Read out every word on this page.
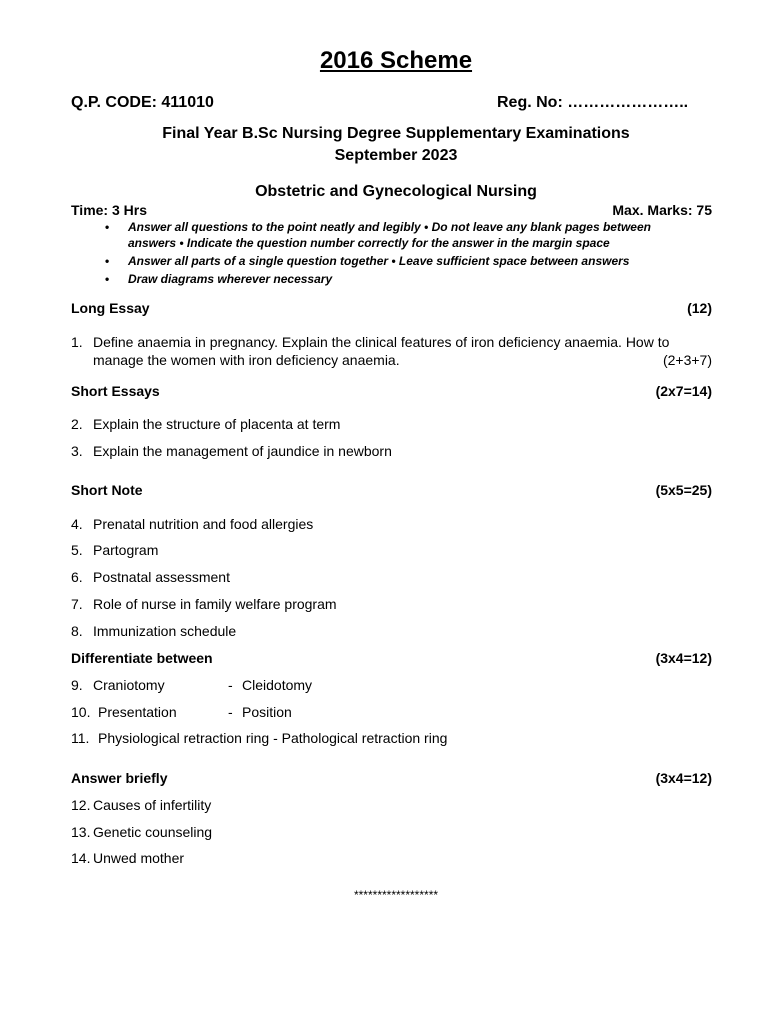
2016 Scheme
Q.P. CODE: 411010	Reg. No: …………………..
Final Year B.Sc Nursing Degree Supplementary Examinations
September 2023
Obstetric and Gynecological Nursing
Time: 3 Hrs	Max. Marks: 75
• Answer all questions to the point neatly and legibly • Do not leave any blank pages between
answers • Indicate the question number correctly for the answer in the margin space
• Answer all parts of a single question together • Leave sufficient space between answers
• Draw diagrams wherever necessary
Long Essay	(12)
1. Define anaemia in pregnancy. Explain the clinical features of iron deficiency anaemia. How to
manage the women with iron deficiency anaemia.	(2+3+7)
Short Essays	(2x7=14)
2. Explain the structure of placenta at term
3. Explain the management of jaundice in newborn
Short Note	(5x5=25)
4. Prenatal nutrition and food allergies
5. Partogram
6. Postnatal assessment
7. Role of nurse in family welfare program
8. Immunization schedule
Differentiate between	(3x4=12)
9. Craniotomy	- Cleidotomy
10. Presentation	- Position
11. Physiological retraction ring - Pathological retraction ring
Answer briefly	(3x4=12)
12. Causes of infertility
13. Genetic counseling
14. Unwed mother
******************
